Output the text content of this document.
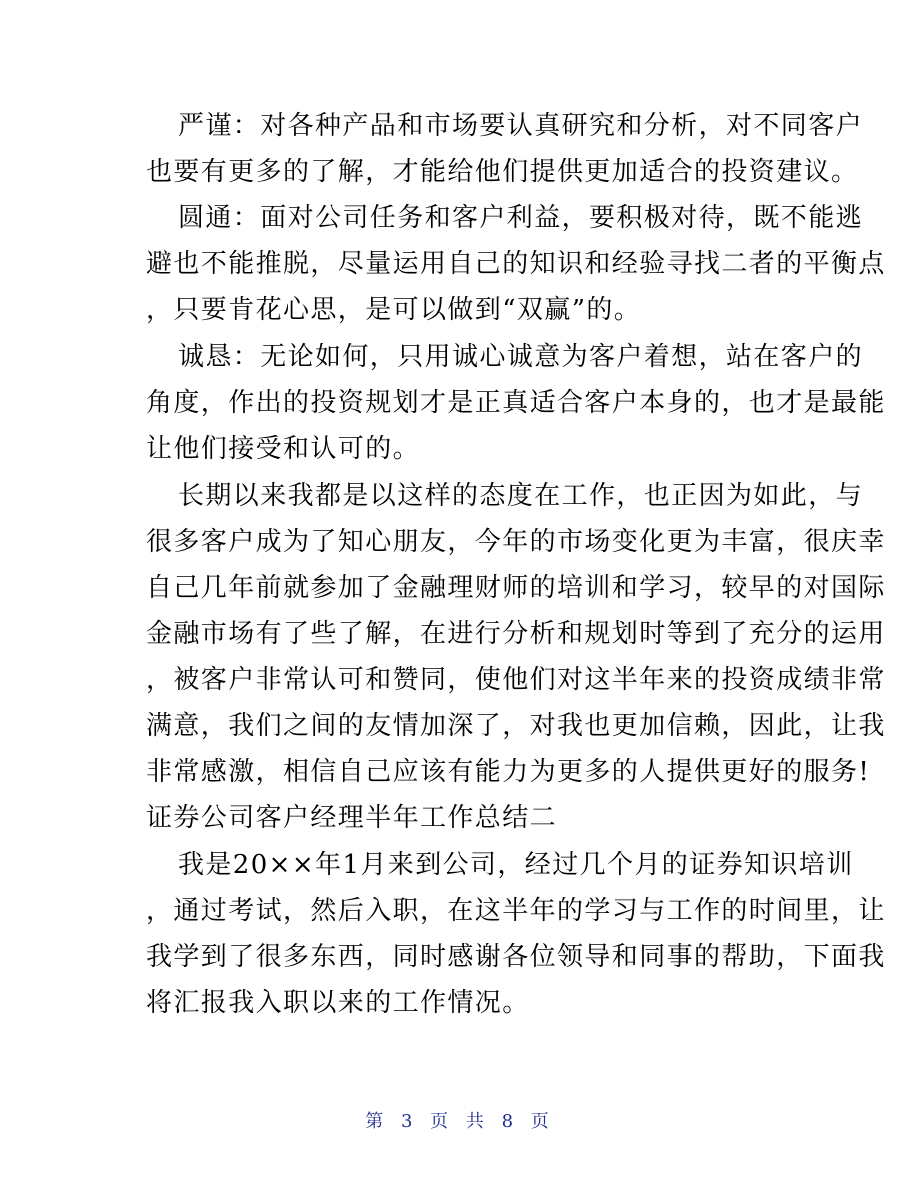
严谨：对各种产品和市场要认真研究和分析，对不同客户
也要有更多的了解，才能给他们提供更加适合的投资建议。
圆通：面对公司任务和客户利益，要积极对待，既不能逃
避也不能推脱，尽量运用自己的知识和经验寻找二者的平衡点
，只要肯花心思，是可以做到“双赢”的。
诚恳：无论如何，只用诚心诚意为客户着想，站在客户的
角度，作出的投资规划才是正真适合客户本身的，也才是最能
让他们接受和认可的。
长期以来我都是以这样的态度在工作，也正因为如此，与
很多客户成为了知心朋友，今年的市场变化更为丰富，很庆幸
自己几年前就参加了金融理财师的培训和学习，较早的对国际
金融市场有了些了解，在进行分析和规划时等到了充分的运用
，被客户非常认可和赞同，使他们对这半年来的投资成绩非常
满意，我们之间的友情加深了，对我也更加信赖，因此，让我
非常感激，相信自己应该有能力为更多的人提供更好的服务!
证券公司客户经理半年工作总结二
我是20××年1月来到公司，经过几个月的证券知识培训
，通过考试，然后入职，在这半年的学习与工作的时间里，让
我学到了很多东西，同时感谢各位领导和同事的帮助，下面我
将汇报我入职以来的工作情况。
第 3 页 共 8 页
